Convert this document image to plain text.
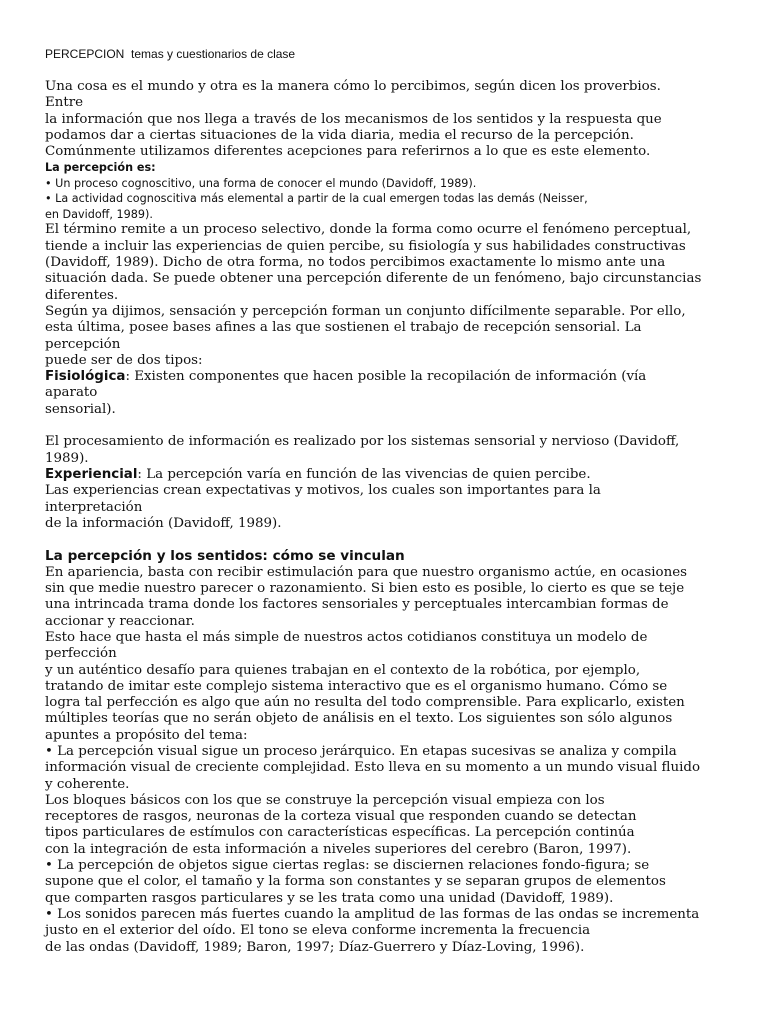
PERCEPCION  temas y cuestionarios de clase
Una cosa es el mundo y otra es la manera cómo lo percibimos, según dicen los proverbios.
Entre
la información que nos llega a través de los mecanismos de los sentidos y la respuesta que
podamos dar a ciertas situaciones de la vida diaria, media el recurso de la percepción.
Comúnmente utilizamos diferentes acepciones para referirnos a lo que es este elemento.
La percepción es:
• Un proceso cognoscitivo, una forma de conocer el mundo (Davidoff, 1989).
• La actividad cognoscitiva más elemental a partir de la cual emergen todas las demás (Neisser,
en Davidoff, 1989).
El término remite a un proceso selectivo, donde la forma como ocurre el fenómeno perceptual,
tiende a incluir las experiencias de quien percibe, su fisiología y sus habilidades constructivas
(Davidoff, 1989). Dicho de otra forma, no todos percibimos exactamente lo mismo ante una
situación dada. Se puede obtener una percepción diferente de un fenómeno, bajo circunstancias
diferentes.
Según ya dijimos, sensación y percepción forman un conjunto difícilmente separable. Por ello,
esta última, posee bases afines a las que sostienen el trabajo de recepción sensorial. La
percepción
puede ser de dos tipos:
Fisiológica: Existen componentes que hacen posible la recopilación de información (vía
aparato
sensorial).
El procesamiento de información es realizado por los sistemas sensorial y nervioso (Davidoff,
1989).
Experiencial: La percepción varía en función de las vivencias de quien percibe.
Las experiencias crean expectativas y motivos, los cuales son importantes para la
interpretación
de la información (Davidoff, 1989).
La percepción y los sentidos: cómo se vinculan
En apariencia, basta con recibir estimulación para que nuestro organismo actúe, en ocasiones
sin que medie nuestro parecer o razonamiento. Si bien esto es posible, lo cierto es que se teje
una intrincada trama donde los factores sensoriales y perceptuales intercambian formas de
accionar y reaccionar.
Esto hace que hasta el más simple de nuestros actos cotidianos constituya un modelo de
perfección
y un auténtico desafío para quienes trabajan en el contexto de la robótica, por ejemplo,
tratando de imitar este complejo sistema interactivo que es el organismo humano. Cómo se
logra tal perfección es algo que aún no resulta del todo comprensible. Para explicarlo, existen
múltiples teorías que no serán objeto de análisis en el texto. Los siguientes son sólo algunos
apuntes a propósito del tema:
• La percepción visual sigue un proceso jerárquico. En etapas sucesivas se analiza y compila
información visual de creciente complejidad. Esto lleva en su momento a un mundo visual fluido
y coherente.
Los bloques básicos con los que se construye la percepción visual empieza con los
receptores de rasgos, neuronas de la corteza visual que responden cuando se detectan
tipos particulares de estímulos con características específicas. La percepción continúa
con la integración de esta información a niveles superiores del cerebro (Baron, 1997).
• La percepción de objetos sigue ciertas reglas: se disciernen relaciones fondo-figura; se
supone que el color, el tamaño y la forma son constantes y se separan grupos de elementos
que comparten rasgos particulares y se les trata como una unidad (Davidoff, 1989).
• Los sonidos parecen más fuertes cuando la amplitud de las formas de las ondas se incrementa
justo en el exterior del oído. El tono se eleva conforme incrementa la frecuencia
de las ondas (Davidoff, 1989; Baron, 1997; Díaz-Guerrero y Díaz-Loving, 1996).
